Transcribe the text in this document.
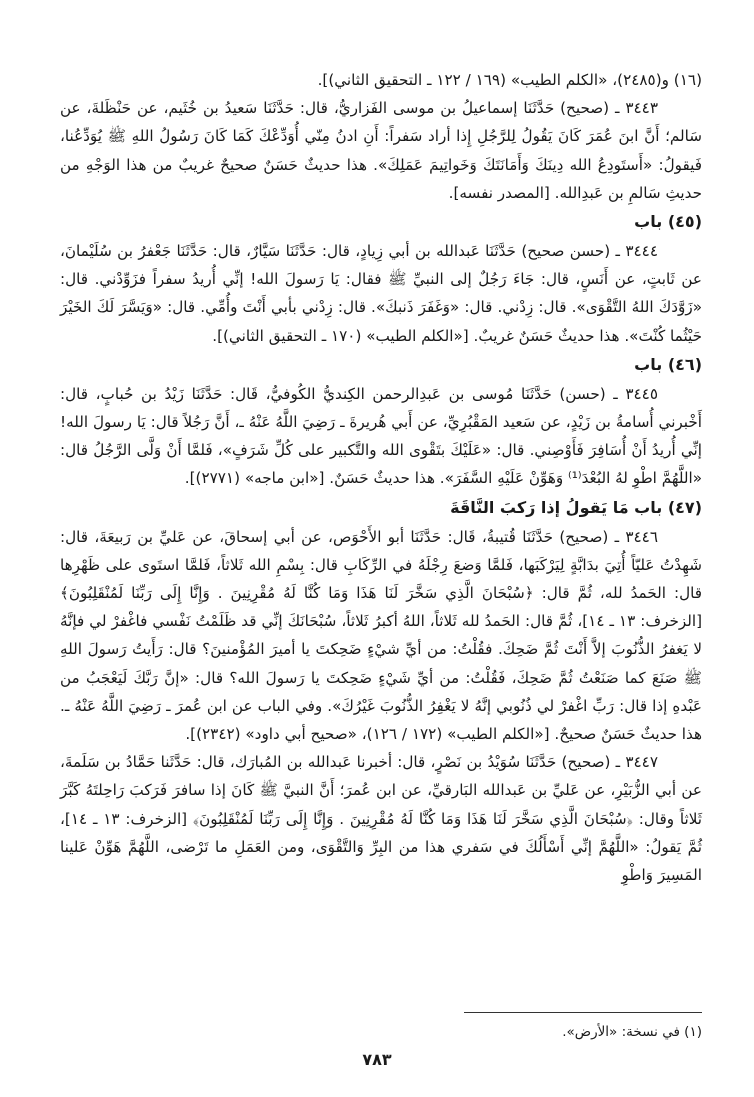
(١٦) و(٢٤٨٥)، «الكلم الطيب» (١٦٩ / ١٢٢ ـ التحقيق الثاني)].

٣٤٤٣ ـ (صحيح) حَدَّثَنَا إسماعيلُ بن موسى الفَزاريُّ، قال: حَدَّثَنَا سَعيدُ بن خُثَيم، عن حَنْظَلةَ، عن سَالم؛ أَنَّ ابنَ عُمَرَ كَانَ يَقُولُ لِلرَّجُلِ إِذا أراد سَفراً: أَنِ ادنُ مِنّي أُوَدِّعْكَ كَمَا كَانَ رَسُولُ اللهِ ﷺ يُوَدِّعُنا، فَيقولُ: «أَستَودِعُ الله دِينَكَ وَأَمَانَتَكَ وَخَواتِيمَ عَمَلِكَ». هذا حديثٌ حَسَنٌ صحيحٌ غريبٌ من هذا الوَجْهِ من حديثِ سَالمِ بن عَبدِالله. [المصدر نفسه].

(٤٥) باب

٣٤٤٤ ـ (حسن صحيح) حَدَّثَنَا عَبدالله بن أبي زِيادٍ، قال: حَدَّثَنَا سَيَّارٌ، قال: حَدَّثَنَا جَعْفرُ بن سُلَيْمانَ، عن ثَابتٍ، عن أَنَسٍ، قال: جَاءَ رَجُلٌ إلى النبيِّ ﷺ فقال: يَا رَسولَ الله! إنِّي أُريدُ سفراً فزَوِّدْني. قال: «زَوَّدَكَ اللهُ التَّقْوَى». قال: زِدْني. قال: «وَغَفَرَ ذَنبكَ». قال: زِدْني بأبي أَنْتَ وأُمِّي. قال: «وَيَسَّرَ لَكَ الخَيْرَ حَيْثُما كُنْتَ». هذا حديثٌ حَسَنٌ غريبٌ. [«الكلم الطيب» (١٧٠ ـ التحقيق الثاني)].

(٤٦) باب

٣٤٤٥ ـ (حسن) حَدَّثَنَا مُوسى بن عَبدِالرحمن الكِنديُّ الكُوفيُّ، قَال: حَدَّثَنَا زَيْدُ بن حُبابٍ، قال: أَخْبرني أُسامةُ بن زَيْدٍ، عن سَعيد المَقْبُرِيِّ، عن أَبي هُريرةَ ـ رَضِيَ اللَّهُ عَنْهُ ـ، أَنَّ رَجُلاً قال: يَا رسولَ الله! إنِّي أُريدُ أَنْ أُسَافِرَ فَأَوْصِني. قال: «عَلَيْكَ بتَقْوى الله والتَّكبير على كُلِّ شَرَفٍ»، فَلمَّا أَنْ وَلَّى الرَّجُلُ قال: «اللَّهُمَّ اطْوِ لهُ البُعْدَ⁽¹⁾ وَهَوِّنْ عَلَيْهِ السَّفَرَ». هذا حديثٌ حَسَنٌ. [«ابن ماجه» (٢٧٧١)].

(٤٧) باب مَا يَقولُ إذا رَكبَ النَّاقَةَ

٣٤٤٦ ـ (صحيح) حَدَّثَنَا قُتيبةُ، قَال: حَدَّثَنَا أبو الأَحْوَص، عن أبي إسحاقَ، عن عَليِّ بن رَبيعَةَ، قال: شَهِدْتُ عَليّاً أُتِيَ بدَابَّةٍ لِيَرْكَبَها، فَلمَّا وَضعَ رِجْلَهُ في الرِّكَابِ قال: بِسْمِ الله ثَلاثاً، فَلمَّا استَوى على ظَهْرِها قال: الحَمدُ لله، ثُمَّ قال: ﴿سُبْحَانَ الَّذِي سَخَّرَ لَنَا هَذَا وَمَا كُنَّا لَهُ مُقْرِنِينَ . وَإِنَّا إِلَى رَبِّنَا لَمُنْقَلِبُونَ﴾ [الزخرف: ١٣ ـ ١٤]، ثُمَّ قال: الحَمدُ لله ثَلاثاً، اللهُ أكبرُ ثَلاثاً، سُبْحَانَكَ إنِّي قد ظَلَمْتُ نَفْسي فاغْفرْ لي فإنَّهُ لا يَغفرُ الذُّنُوبَ إلاَّ أَنْتَ ثُمَّ ضَحِكَ. فقُلْتُ: من أيِّ شيْءٍ ضَحِكتَ يا أميرَ المُؤْمنينَ؟ قال: رَأَيتُ رَسولَ اللهِ ﷺ صَنَعَ كما صَنَعْتُ ثُمَّ ضَحِكَ، فَقُلْتُ: من أيِّ شَيْءٍ ضَحِكتَ يا رَسولَ الله؟ قال: «إنَّ رَبَّكَ لَيَعْجَبُ من عَبْدهِ إذا قال: رَبِّ اغْفرْ لي ذُنُوبي إنَّهُ لا يَغْفِرُ الذُّنُوبَ غَيْرُكَ». وفي الباب عن ابن عُمرَ ـ رَضِيَ اللَّهُ عَنْهُ ـ. هذا حديثٌ حَسَنٌ صحيحٌ. [«الكلم الطيب» (١٧٢ / ١٢٦)، «صحيح أبي داود» (٢٣٤٢)].

٣٤٤٧ ـ (صحيح) حَدَّثَنَا سُوَيْدُ بن نَصْرٍ، قال: أخبرنا عَبدالله بن المُبارَك، قال: حَدَّثَنا حَمَّادُ بن سَلَمةَ، عن أبي الزُّبَيْرِ، عن عَليِّ بن عَبدالله البَارقيِّ، عن ابن عُمرَ؛ أَنَّ النبيَّ ﷺ كَانَ إذا سافرَ فَرَكبَ رَاحِلتَهُ كَبَّرَ ثَلاثاً وقال: ﴿سُبْحَانَ الَّذِي سَخَّرَ لَنَا هَذَا وَمَا كُنَّا لَهُ مُقْرِنِينَ . وَإِنَّا إِلَى رَبِّنَا لَمُنْقَلِبُونَ﴾ [الزخرف: ١٣ ـ ١٤]، ثُمَّ يَقولُ: «اللَّهُمَّ إنِّي أَسْأَلُكَ في سَفري هذا من البِرِّ وَالتَّقْوَى، ومن العَمَلِ ما تَرْضى، اللَّهُمَّ هَوِّنْ عَلينا المَسِيرَ وَاطْوِ

(١) في نسخة: «الأرض».
٧٨٣
